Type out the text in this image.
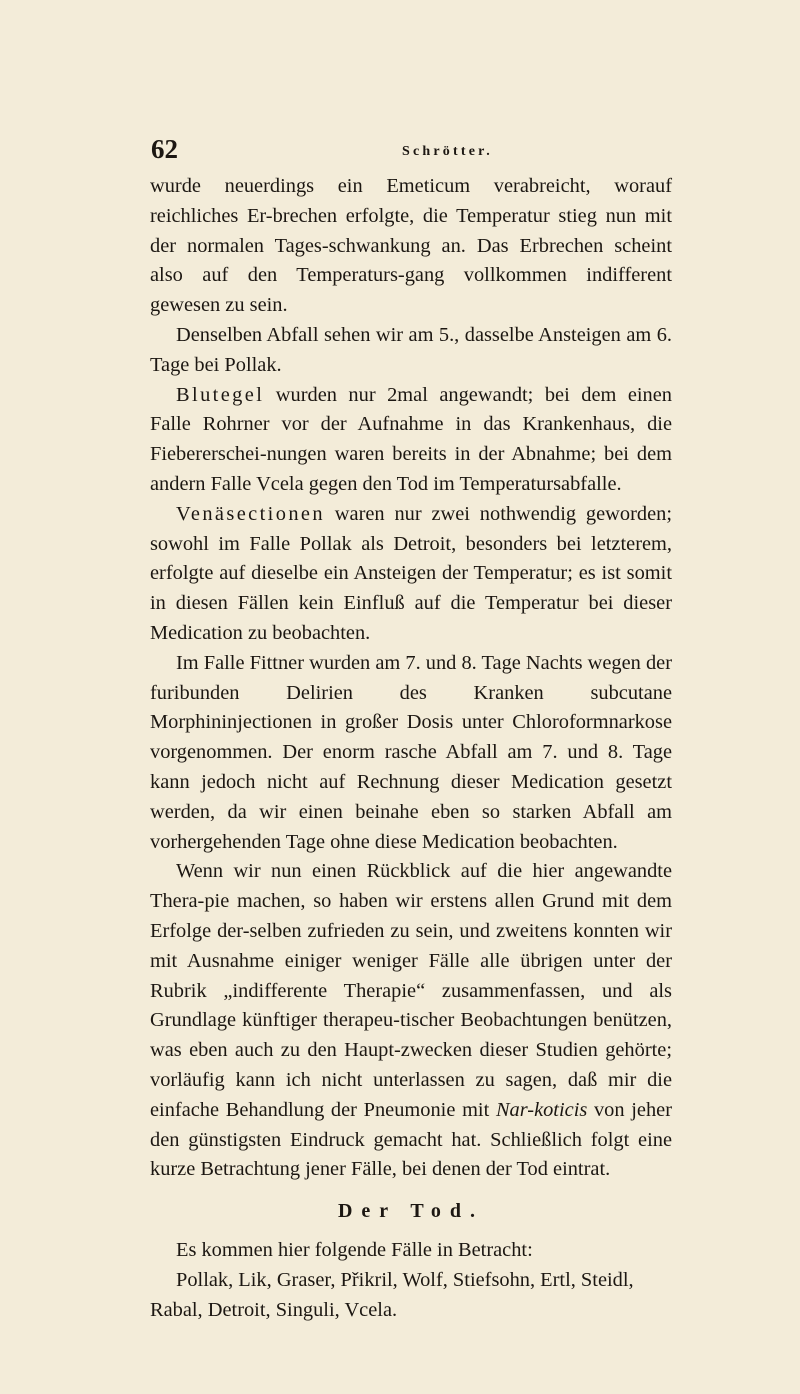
62	Schrötter.

wurde neuerdings ein Emeticum verabreicht, worauf reichliches Er-brechen erfolgte, die Temperatur stieg nun mit der normalen Tages-schwankung an. Das Erbrechen scheint also auf den Temperaturs-gang vollkommen indifferent gewesen zu sein.

Denselben Abfall sehen wir am 5., dasselbe Ansteigen am 6. Tage bei Pollak.

Blutegel wurden nur 2mal angewandt; bei dem einen Falle Rohrner vor der Aufnahme in das Krankenhaus, die Fiebererschei-nungen waren bereits in der Abnahme; bei dem andern Falle Vcela gegen den Tod im Temperatursabfalle.

Venäsectionen waren nur zwei nothwendig geworden; sowohl im Falle Pollak als Detroit, besonders bei letzterem, erfolgte auf dieselbe ein Ansteigen der Temperatur; es ist somit in diesen Fällen kein Einfluß auf die Temperatur bei dieser Medication zu beobachten.

Im Falle Fittner wurden am 7. und 8. Tage Nachts wegen der furibunden Delirien des Kranken subcutane Morphininjectionen in großer Dosis unter Chloroformnarkose vorgenommen. Der enorm rasche Abfall am 7. und 8. Tage kann jedoch nicht auf Rechnung dieser Medication gesetzt werden, da wir einen beinahe eben so starken Abfall am vorhergehenden Tage ohne diese Medication beobachten.

Wenn wir nun einen Rückblick auf die hier angewandte Thera-pie machen, so haben wir erstens allen Grund mit dem Erfolge der-selben zufrieden zu sein, und zweitens konnten wir mit Ausnahme einiger weniger Fälle alle übrigen unter der Rubrik „indifferente Therapie“ zusammenfassen, und als Grundlage künftiger therapeu-tischer Beobachtungen benützen, was eben auch zu den Haupt-zwecken dieser Studien gehörte; vorläufig kann ich nicht unterlassen zu sagen, daß mir die einfache Behandlung der Pneumonie mit Nar-koticis von jeher den günstigsten Eindruck gemacht hat. Schließlich folgt eine kurze Betrachtung jener Fälle, bei denen der Tod eintrat.

Der Tod.

Es kommen hier folgende Fälle in Betracht:

Pollak, Lik, Graser, Přikril, Wolf, Stiefsohn, Ertl, Steidl, Rabal, Detroit, Singuli, Vcela.
